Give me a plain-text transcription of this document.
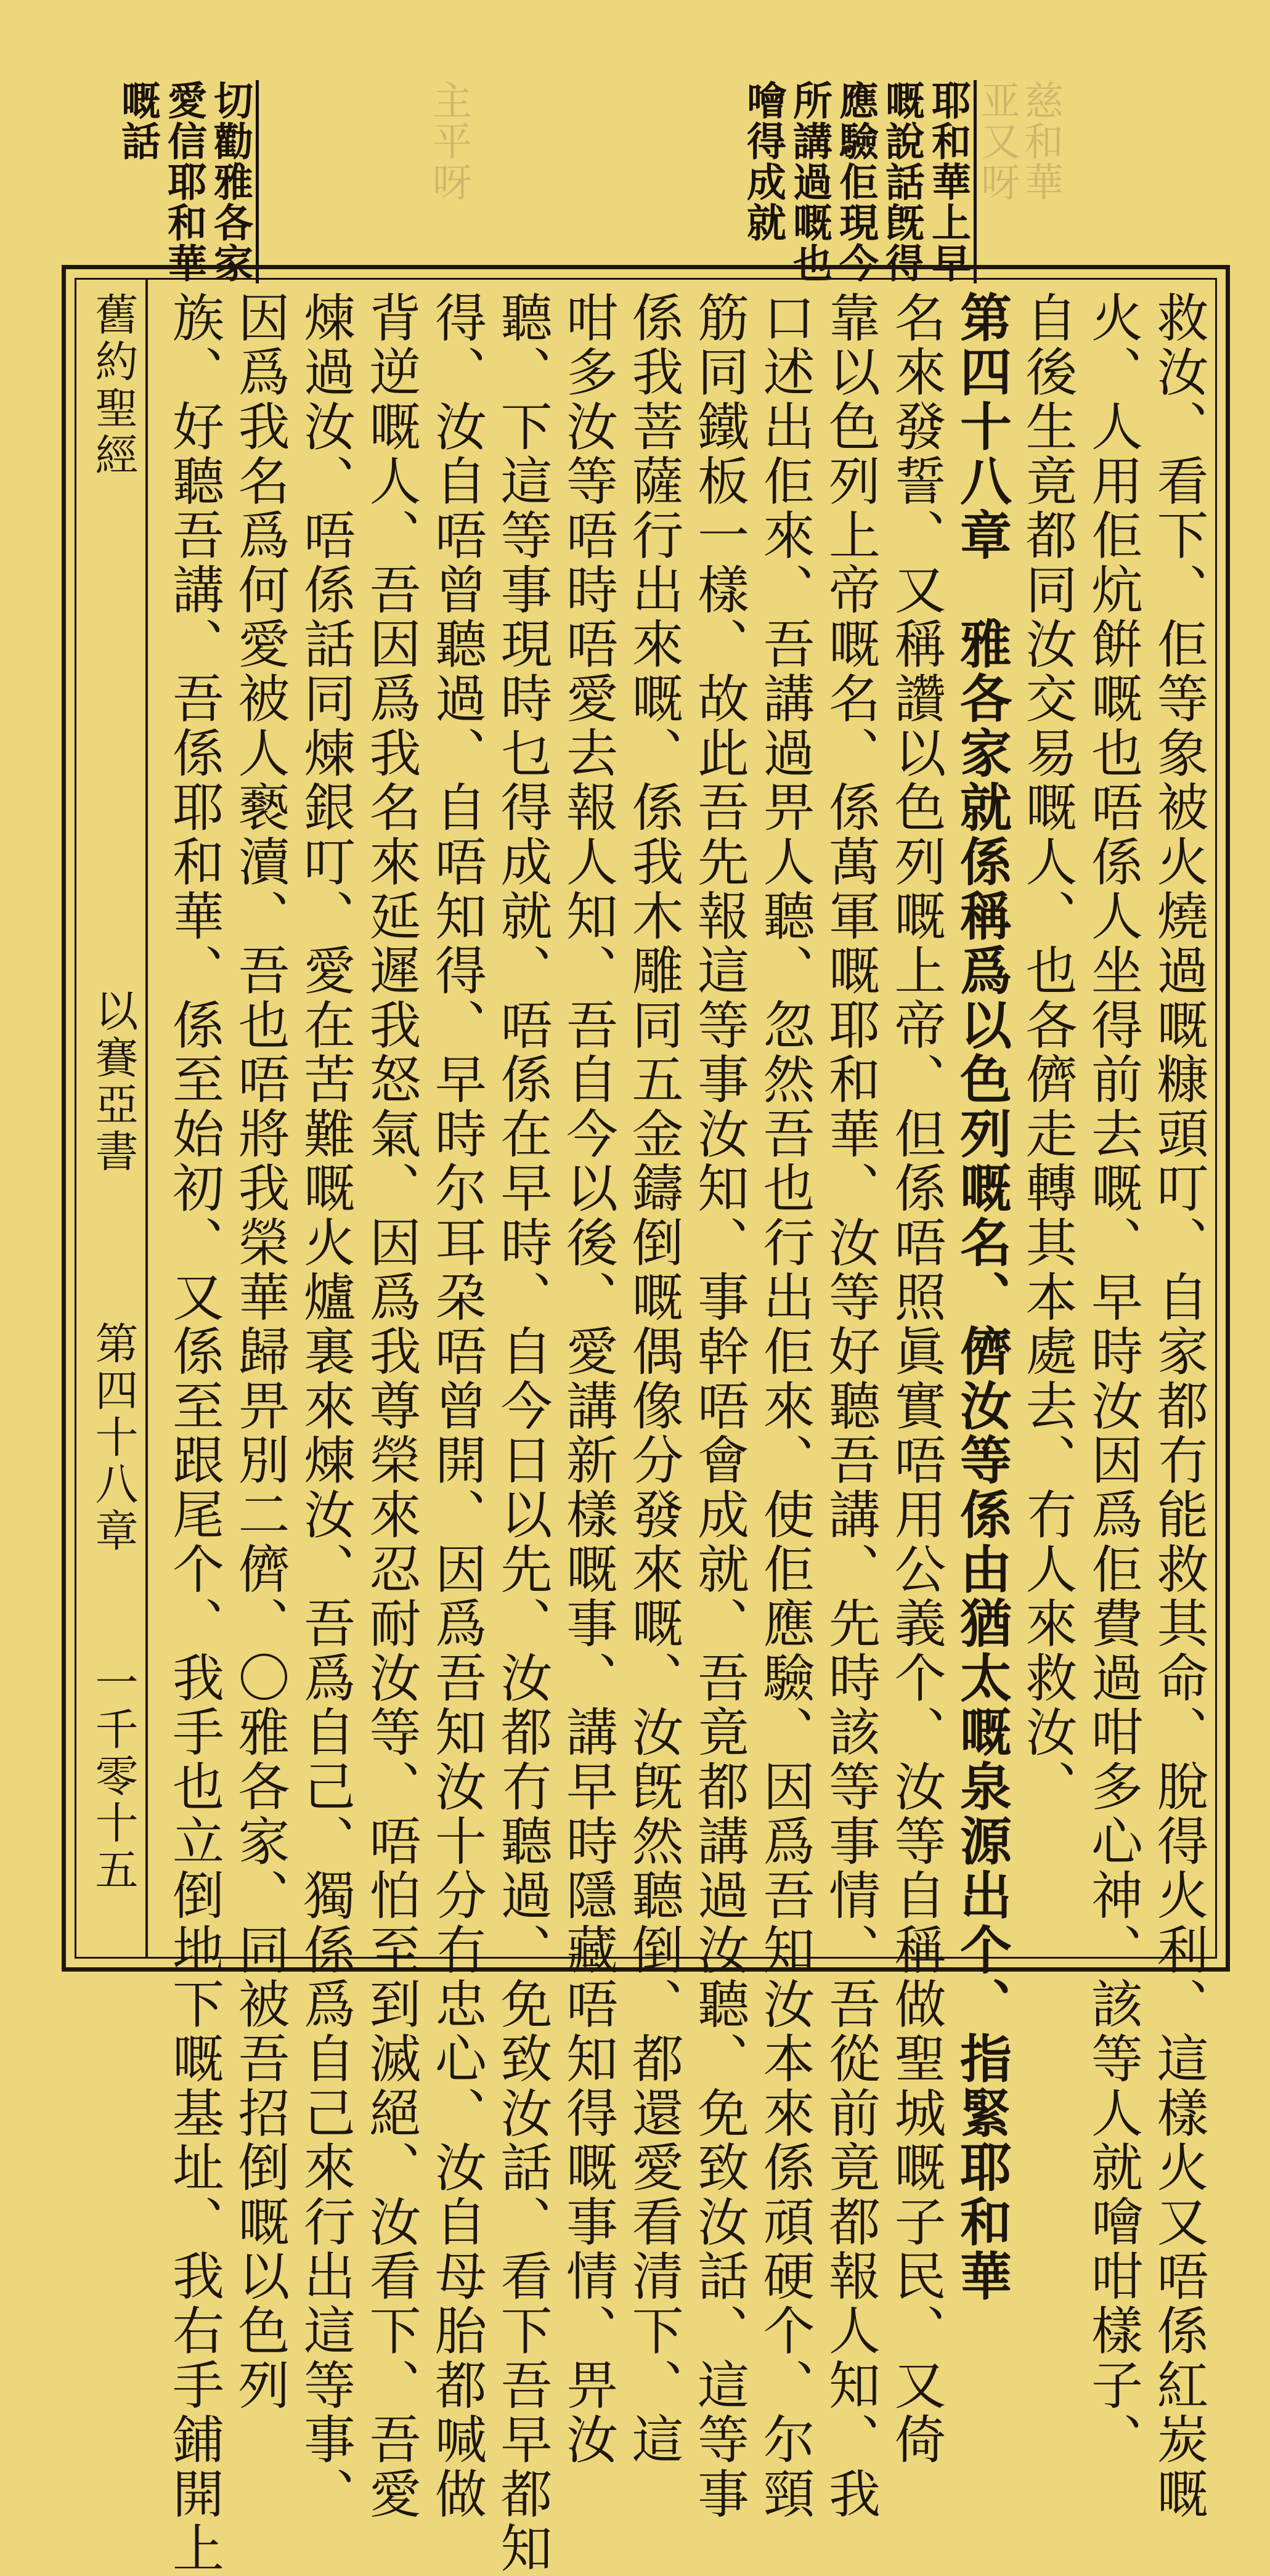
慈和華
亚又呀
主平呀	耶和華上早
嘅說話旣得
應驗佢現今
所講過嘅也
噲得成就
切勸雅各家
愛信耶和華
嘅話
舊約聖經
以賽亞書
第四十八章
一千零十五	救汝、看下、佢等象被火燒過嘅糠頭叮、自家都冇能救其命、脫得火利、這樣火又唔係紅炭嘅
火、人用佢炕餠嘅也唔係人坐得前去嘅、早時汝因爲佢費過咁多心神、該等人就噲咁樣子、
自後生竟都同汝交易嘅人、也各儕走轉其本處去、冇人來救汝、
第四十八章　雅各家就係稱爲以色列嘅名、儕汝等係由猶太嘅泉源出个、指緊耶和華
名來發誓、又稱讚以色列嘅上帝、但係唔照眞實唔用公義个、汝等自稱做聖城嘅子民、又倚
靠以色列上帝嘅名、係萬軍嘅耶和華、汝等好聽吾講、先時該等事情、吾從前竟都報人知、我
口述出佢來、吾講過畀人聽、忽然吾也行出佢來、使佢應驗、因爲吾知汝本來係頑硬个、尔頸
筋同鐵板一樣、故此吾先報這等事汝知、事幹唔會成就、吾竟都講過汝聽、免致汝話、這等事
係我菩薩行出來嘅、係我木雕同五金鑄倒嘅偶像分發來嘅、汝旣然聽倒、都還愛看清下、這
咁多汝等唔時唔愛去報人知、吾自今以後、愛講新樣嘅事、講早時隱藏唔知得嘅事情、畀汝
聽、下這等事現時乜得成就、唔係在早時、自今日以先、汝都冇聽過、免致汝話、看下吾早都知
得、汝自唔曾聽過、自唔知得、早時尔耳朶唔曾開、因爲吾知汝十分冇忠心、汝自母胎都喊做
背逆嘅人、吾因爲我名來延遲我怒氣、因爲我尊榮來忍耐汝等、唔怕至到滅絕、汝看下、吾愛
煉過汝、唔係話同煉銀叮、愛在苦難嘅火爐裏來煉汝、吾爲自己、獨係爲自己來行出這等事、
因爲我名爲何愛被人褻瀆、吾也唔將我榮華歸畀別二儕、〇雅各家、同被吾招倒嘅以色列
族、好聽吾講、吾係耶和華、係至始初、又係至跟尾个、我手也立倒地下嘅基址、我右手鋪開上
